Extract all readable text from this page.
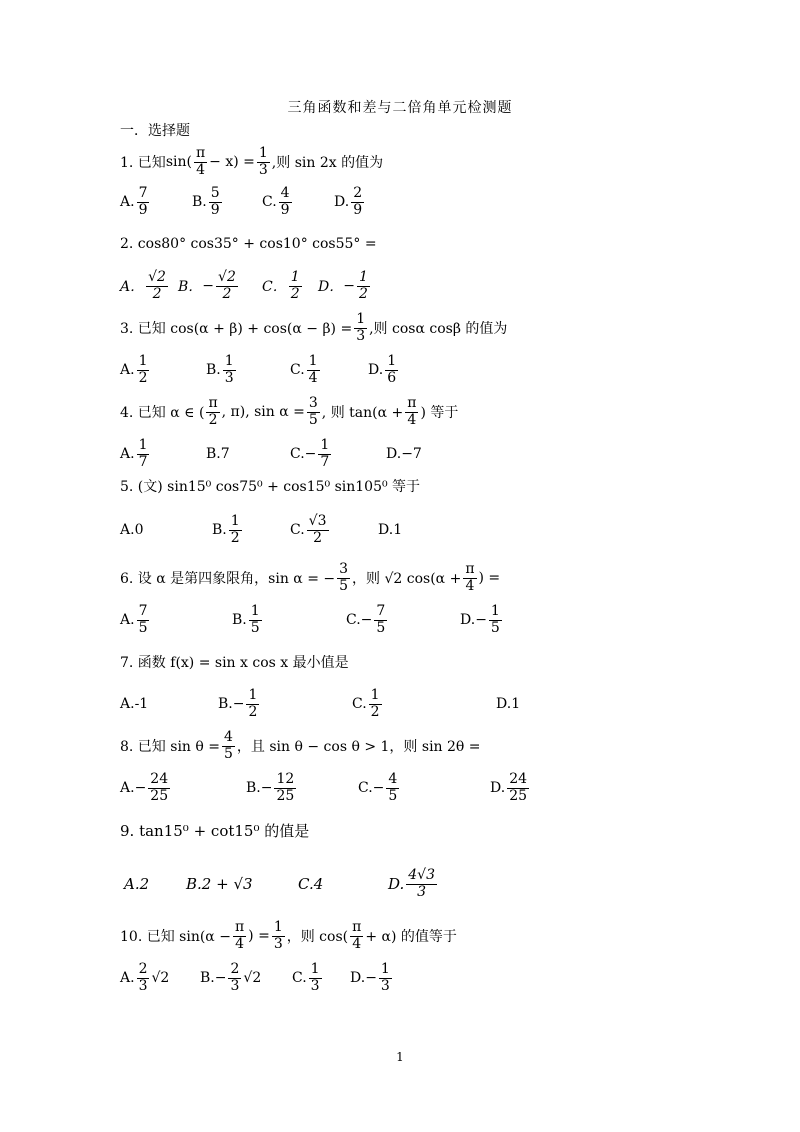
三角函数和差与二倍角单元检测题
一．选择题
1. 已知 $\sin( \frac{\pi}{4} - x) = \frac{1}{3}$ ,则 sin 2x 的值为
A. $\frac{7}{9}$	B. $\frac{5}{9}$	C. $\frac{4}{9}$	D. $\frac{2}{9}$
2. cos80° cos35° + cos10° cos55° =
A． $\frac{√2}{2}$ B． − $\frac{√2}{2}$ C． $\frac{1}{2}$ D． − $\frac{1}{2}$
3. 已知 $\cos(\alpha + \beta) + \cos(\alpha - \beta) = \frac{1}{3}$ ,则 cosα cosβ 的值为
A. $\frac{1}{2}$	B. $\frac{1}{3}$	C. $\frac{1}{4}$	D. $\frac{1}{6}$
4. 已知 α ∈ ( $\frac{\pi}{2}$ , π), $\sin \alpha = \frac{3}{5}$ , 则 $\tan(\alpha + \frac{\pi}{4}$ ) 等于
A. $\frac{1}{7}$	B. 7	C. − $\frac{1}{7}$	D. −7
5. (文) sin15⁰ cos75⁰ + cos15⁰ sin105⁰ 等于
A. 0	B. $\frac{1}{2}$	C. $\frac{√3}{2}$	D. 1
6. 设 α 是第四象限角，sin α = − $\frac{3}{5}$ ，则 √2 $\cos(\alpha + \frac{\pi}{4}$ ) =
A. $\frac{7}{5}$	B. $\frac{1}{5}$	C. − $\frac{7}{5}$	D. − $\frac{1}{5}$
7. 函数 f(x) = sin x cos x 最小值是
A. -1	B. − $\frac{1}{2}$	C. $\frac{1}{2}$	D. 1
8. 已知 $\sin \theta = \frac{4}{5}$ ，且 sin θ − cos θ > 1，则 sin 2θ =
A. − $\frac{24}{25}$	B. − $\frac{12}{25}$	C. − $\frac{4}{5}$	D. $\frac{24}{25}$
9. tan15⁰ + cot15⁰ 的值是
A. 2 B. 2 + √3	C. 4	D. $\frac{4√3}{3}$
10. 已知 $\sin(\alpha - \frac{\pi}{4}$ ) = $\frac{1}{3}$ ，则 $\cos( \frac{\pi}{4} + \alpha)$ 的值等于
A. $\frac{2}{3} √2$ B. − $\frac{2}{3} √2$ C. $\frac{1}{3} D$. − $\frac{1}{3}$
1
